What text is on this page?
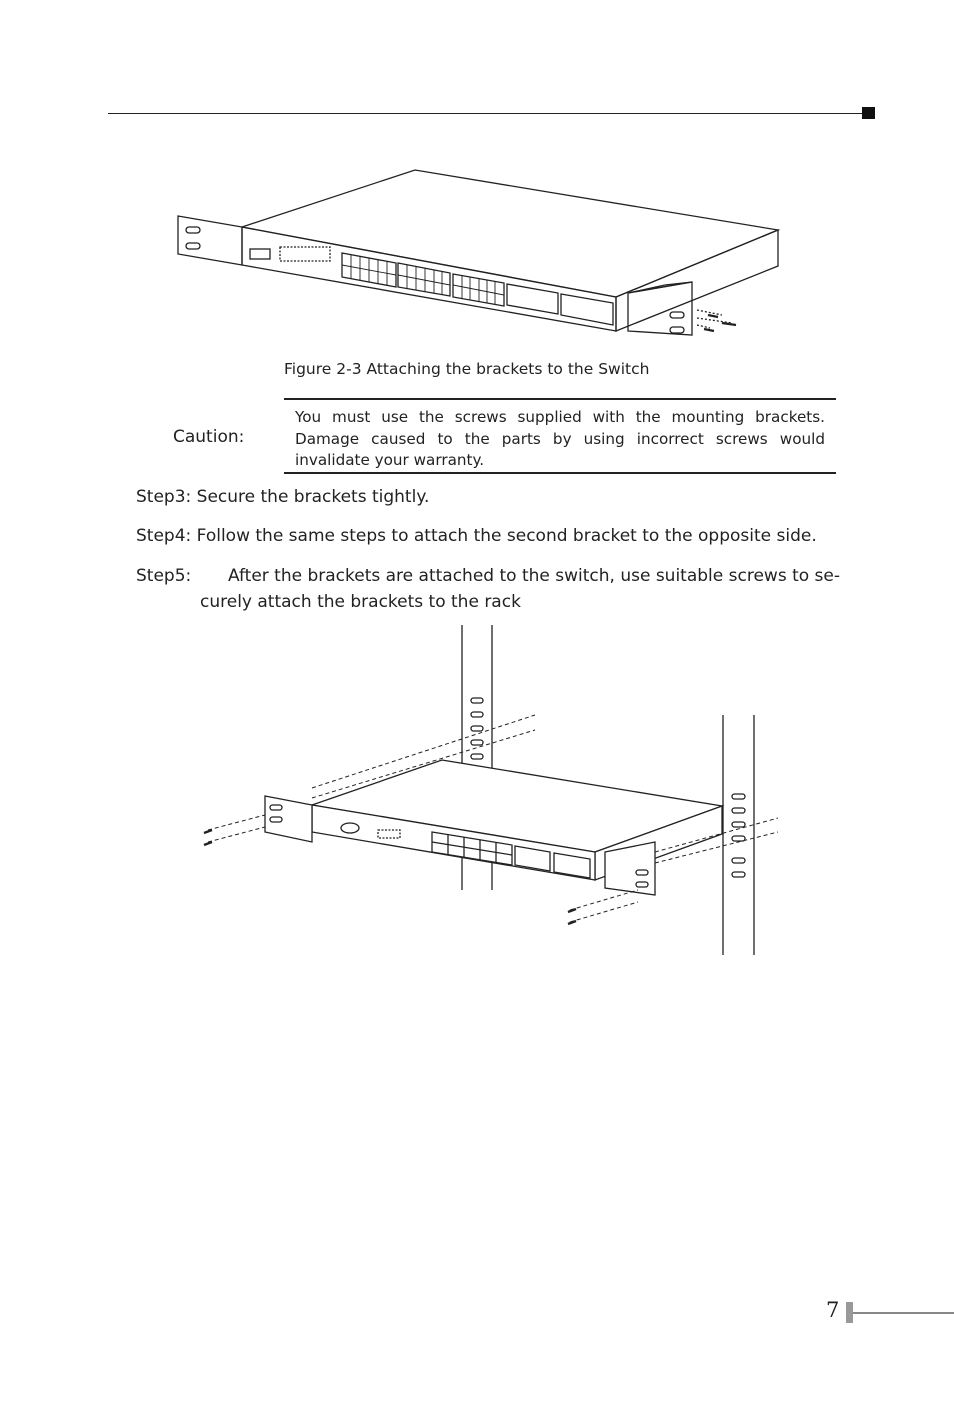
Figure 2-3 Attaching the brackets to the Switch
Caution:
You must use the screws supplied with the mounting brackets. Damage caused to the parts by using incorrect screws would invalidate your warranty.
Step3: Secure the brackets tightly.
Step4: Follow the same steps to attach the second bracket to the opposite side.
Step5: After the brackets are attached to the switch, use suitable screws to se-
curely attach the brackets to the rack
7
